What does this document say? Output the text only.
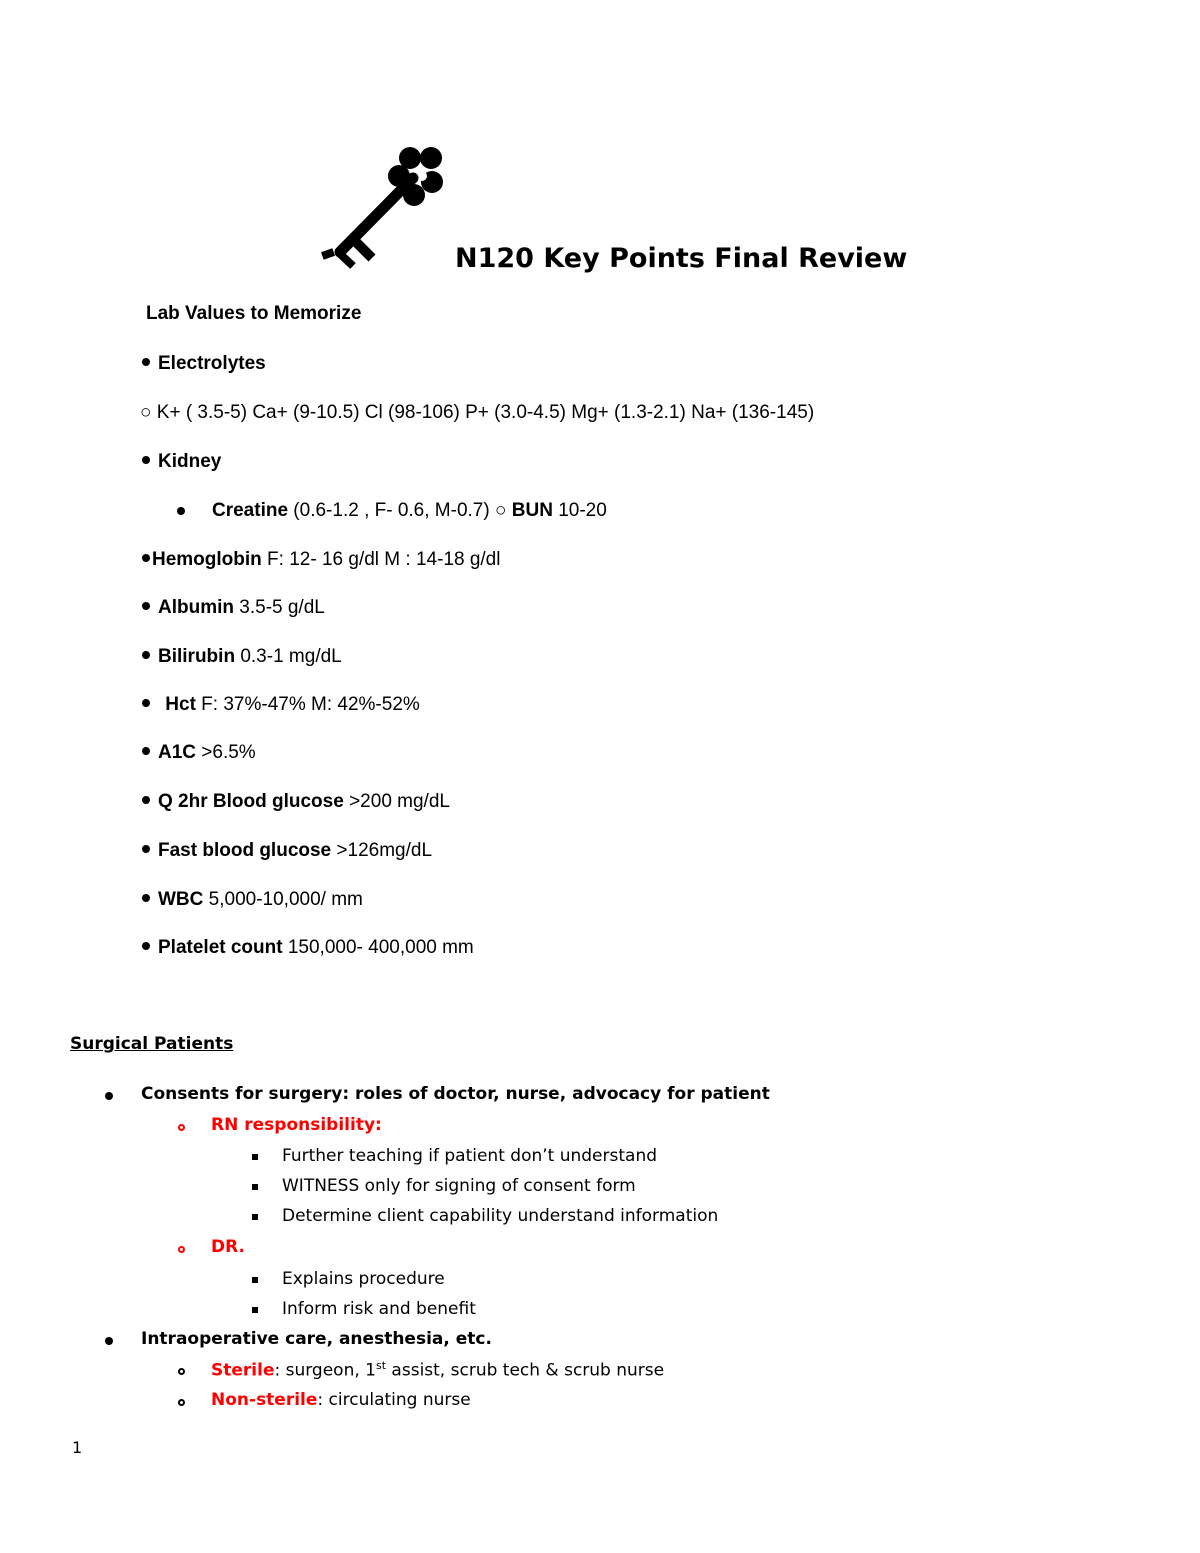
N120 Key Points Final Review
Lab Values to Memorize
Electrolytes
○ K+ ( 3.5-5) Ca+ (9-10.5) Cl (98-106) P+ (3.0-4.5) Mg+ (1.3-2.1) Na+ (136-145)
Kidney
Creatine (0.6-1.2 , F- 0.6, M-0.7) ○ BUN 10-20
Hemoglobin F: 12- 16 g/dl M : 14-18 g/dl
Albumin 3.5-5 g/dL
Bilirubin 0.3-1 mg/dL
Hct F: 37%-47% M: 42%-52%
A1C >6.5%
Q 2hr Blood glucose >200 mg/dL
Fast blood glucose >126mg/dL
WBC 5,000-10,000/ mm
Platelet count 150,000- 400,000 mm
Surgical Patients
Consents for surgery: roles of doctor, nurse, advocacy for patient
RN responsibility:
Further teaching if patient don’t understand
WITNESS only for signing of consent form
Determine client capability understand information
DR.
Explains procedure
Inform risk and benefit
Intraoperative care, anesthesia, etc.
Sterile: surgeon, 1st assist, scrub tech & scrub nurse
Non-sterile: circulating nurse
1
